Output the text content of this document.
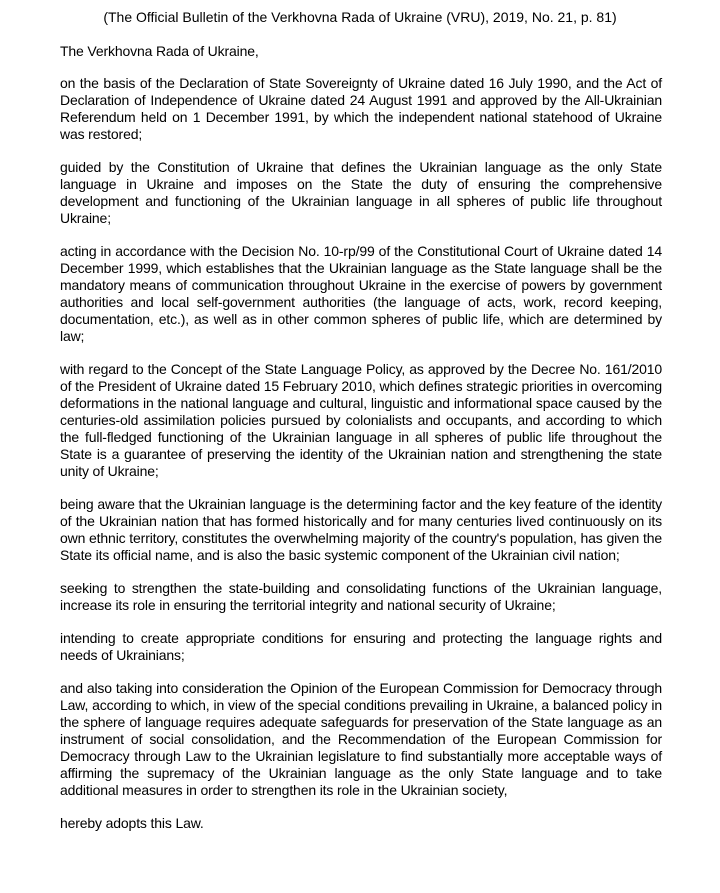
(The Official Bulletin of the Verkhovna Rada of Ukraine (VRU), 2019, No. 21, p. 81)

The Verkhovna Rada of Ukraine,

on the basis of the Declaration of State Sovereignty of Ukraine dated 16 July 1990, and the Act of Declaration of Independence of Ukraine dated 24 August 1991 and approved by the All-Ukrainian Referendum held on 1 December 1991, by which the independent national statehood of Ukraine was restored;

guided by the Constitution of Ukraine that defines the Ukrainian language as the only State language in Ukraine and imposes on the State the duty of ensuring the comprehensive development and functioning of the Ukrainian language in all spheres of public life throughout Ukraine;

acting in accordance with the Decision No. 10-rp/99 of the Constitutional Court of Ukraine dated 14 December 1999, which establishes that the Ukrainian language as the State language shall be the mandatory means of communication throughout Ukraine in the exercise of powers by government authorities and local self-government authorities (the language of acts, work, record keeping, documentation, etc.), as well as in other common spheres of public life, which are determined by law;

with regard to the Concept of the State Language Policy, as approved by the Decree No. 161/2010 of the President of Ukraine dated 15 February 2010, which defines strategic priorities in overcoming deformations in the national language and cultural, linguistic and informational space caused by the centuries-old assimilation policies pursued by colonialists and occupants, and according to which the full-fledged functioning of the Ukrainian language in all spheres of public life throughout the State is a guarantee of preserving the identity of the Ukrainian nation and strengthening the state unity of Ukraine;

being aware that the Ukrainian language is the determining factor and the key feature of the identity of the Ukrainian nation that has formed historically and for many centuries lived continuously on its own ethnic territory, constitutes the overwhelming majority of the country's population, has given the State its official name, and is also the basic systemic component of the Ukrainian civil nation;

seeking to strengthen the state-building and consolidating functions of the Ukrainian language, increase its role in ensuring the territorial integrity and national security of Ukraine;

intending to create appropriate conditions for ensuring and protecting the language rights and needs of Ukrainians;

and also taking into consideration the Opinion of the European Commission for Democracy through Law, according to which, in view of the special conditions prevailing in Ukraine, a balanced policy in the sphere of language requires adequate safeguards for preservation of the State language as an instrument of social consolidation, and the Recommendation of the European Commission for Democracy through Law to the Ukrainian legislature to find substantially more acceptable ways of affirming the supremacy of the Ukrainian language as the only State language and to take additional measures in order to strengthen its role in the Ukrainian society,

hereby adopts this Law.
